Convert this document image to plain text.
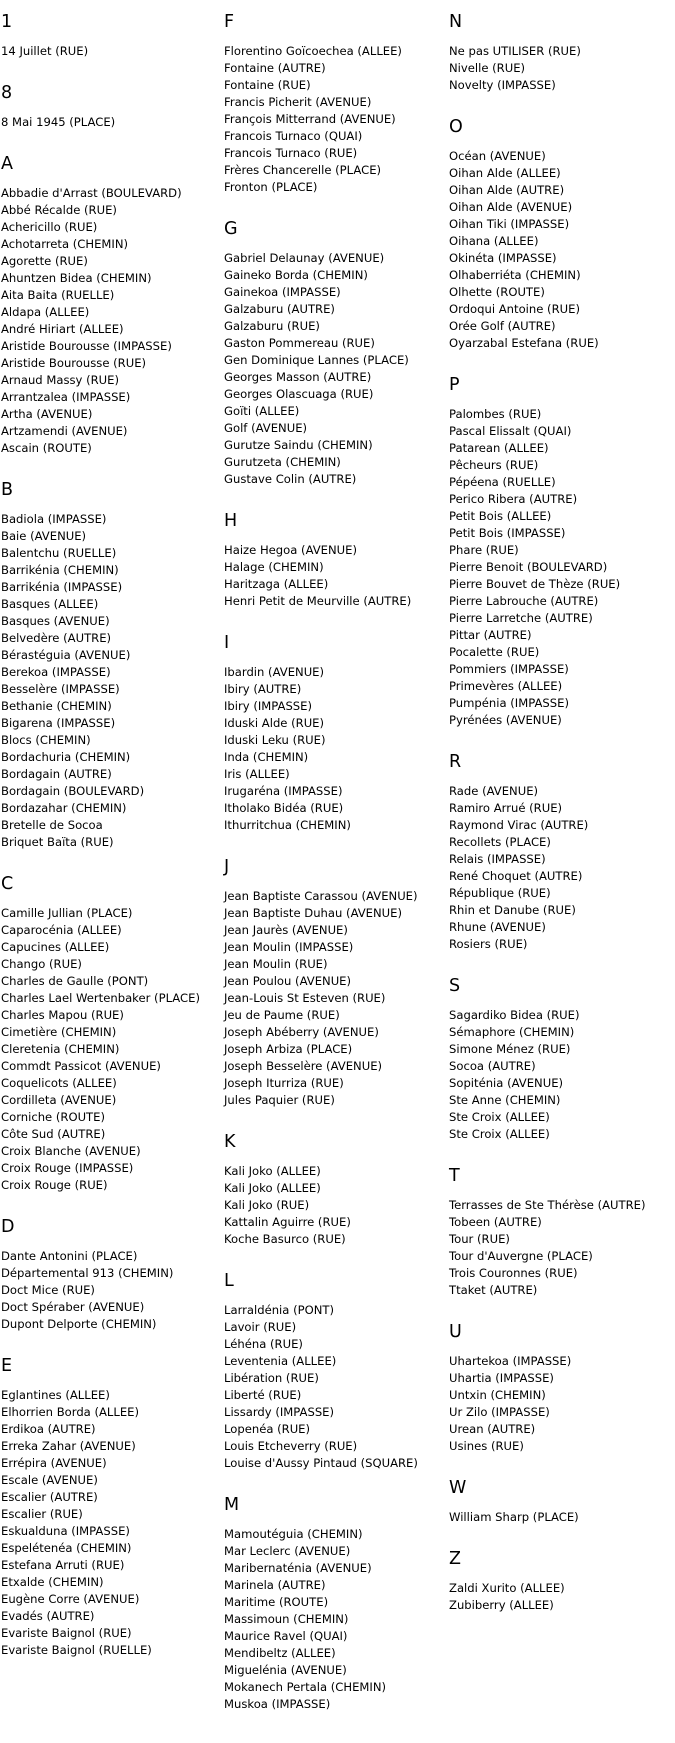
1
14 Juillet (RUE)
8
8 Mai 1945 (PLACE)
A
Abbadie d'Arrast (BOULEVARD)
Abbé Récalde (RUE)
Achericillo (RUE)
Achotarreta (CHEMIN)
Agorette (RUE)
Ahuntzen Bidea (CHEMIN)
Aita Baita (RUELLE)
Aldapa (ALLEE)
André Hiriart (ALLEE)
Aristide Bourousse (IMPASSE)
Aristide Bourousse (RUE)
Arnaud Massy (RUE)
Arrantzalea (IMPASSE)
Artha (AVENUE)
Artzamendi (AVENUE)
Ascain (ROUTE)
B
Badiola (IMPASSE)
Baie (AVENUE)
Balentchu (RUELLE)
Barrikénia (CHEMIN)
Barrikénia (IMPASSE)
Basques (ALLEE)
Basques (AVENUE)
Belvedère (AUTRE)
Bérastéguia (AVENUE)
Berekoa (IMPASSE)
Besselère (IMPASSE)
Bethanie (CHEMIN)
Bigarena (IMPASSE)
Blocs (CHEMIN)
Bordachuria (CHEMIN)
Bordagain (AUTRE)
Bordagain (BOULEVARD)
Bordazahar (CHEMIN)
Bretelle de Socoa
Briquet Baïta (RUE)
C
Camille Jullian (PLACE)
Caparocénia (ALLEE)
Capucines (ALLEE)
Chango (RUE)
Charles de Gaulle (PONT)
Charles Lael Wertenbaker (PLACE)
Charles Mapou (RUE)
Cimetière (CHEMIN)
Cleretenia (CHEMIN)
Commdt Passicot (AVENUE)
Coquelicots (ALLEE)
Cordilleta (AVENUE)
Corniche (ROUTE)
Côte Sud (AUTRE)
Croix Blanche (AVENUE)
Croix Rouge (IMPASSE)
Croix Rouge (RUE)
D
Dante Antonini (PLACE)
Départemental 913 (CHEMIN)
Doct Mice (RUE)
Doct Spéraber (AVENUE)
Dupont Delporte (CHEMIN)
E
Eglantines (ALLEE)
Elhorrien Borda (ALLEE)
Erdikoa (AUTRE)
Erreka Zahar (AVENUE)
Errépira (AVENUE)
Escale (AVENUE)
Escalier (AUTRE)
Escalier (RUE)
Eskualduna (IMPASSE)
Espelétenéa (CHEMIN)
Estefana Arruti (RUE)
Etxalde (CHEMIN)
Eugène Corre (AVENUE)
Evadés (AUTRE)
Evariste Baignol (RUE)
Evariste Baignol (RUELLE)
F
Florentino Goïcoechea (ALLEE)
Fontaine (AUTRE)
Fontaine (RUE)
Francis Picherit (AVENUE)
François Mitterrand (AVENUE)
Francois Turnaco (QUAI)
Francois Turnaco (RUE)
Frères Chancerelle (PLACE)
Fronton (PLACE)
G
Gabriel Delaunay (AVENUE)
Gaineko Borda (CHEMIN)
Gainekoa (IMPASSE)
Galzaburu (AUTRE)
Galzaburu (RUE)
Gaston Pommereau (RUE)
Gen Dominique Lannes (PLACE)
Georges Masson (AUTRE)
Georges Olascuaga (RUE)
Goïti (ALLEE)
Golf (AVENUE)
Gurutze Saindu (CHEMIN)
Gurutzeta (CHEMIN)
Gustave Colin (AUTRE)
H
Haize Hegoa (AVENUE)
Halage (CHEMIN)
Haritzaga (ALLEE)
Henri Petit de Meurville (AUTRE)
I
Ibardin (AVENUE)
Ibiry (AUTRE)
Ibiry (IMPASSE)
Iduski Alde (RUE)
Iduski Leku (RUE)
Inda (CHEMIN)
Iris (ALLEE)
Irugaréna (IMPASSE)
Itholako Bidéa (RUE)
Ithurritchua (CHEMIN)
J
Jean Baptiste Carassou (AVENUE)
Jean Baptiste Duhau (AVENUE)
Jean Jaurès (AVENUE)
Jean Moulin (IMPASSE)
Jean Moulin (RUE)
Jean Poulou (AVENUE)
Jean-Louis St Esteven (RUE)
Jeu de Paume (RUE)
Joseph Abéberry (AVENUE)
Joseph Arbiza (PLACE)
Joseph Besselère (AVENUE)
Joseph Iturriza (RUE)
Jules Paquier (RUE)
K
Kali Joko (ALLEE)
Kali Joko (ALLEE)
Kali Joko (RUE)
Kattalin Aguirre (RUE)
Koche Basurco (RUE)
L
Larraldénia (PONT)
Lavoir (RUE)
Léhéna (RUE)
Leventenia (ALLEE)
Libération (RUE)
Liberté (RUE)
Lissardy (IMPASSE)
Lopenéa (RUE)
Louis Etcheverry (RUE)
Louise d'Aussy Pintaud (SQUARE)
M
Mamoutéguia (CHEMIN)
Mar Leclerc (AVENUE)
Maribernaténia (AVENUE)
Marinela (AUTRE)
Maritime (ROUTE)
Massimoun (CHEMIN)
Maurice Ravel (QUAI)
Mendibeltz (ALLEE)
Miguelénia (AVENUE)
Mokanech Pertala (CHEMIN)
Muskoa (IMPASSE)
N
Ne pas UTILISER (RUE)
Nivelle (RUE)
Novelty (IMPASSE)
O
Océan (AVENUE)
Oihan Alde (ALLEE)
Oihan Alde (AUTRE)
Oihan Alde (AVENUE)
Oihan Tiki (IMPASSE)
Oihana (ALLEE)
Okinéta (IMPASSE)
Olhaberriéta (CHEMIN)
Olhette (ROUTE)
Ordoqui Antoine (RUE)
Orée Golf (AUTRE)
Oyarzabal Estefana (RUE)
P
Palombes (RUE)
Pascal Elissalt (QUAI)
Patarean (ALLEE)
Pêcheurs (RUE)
Pépéena (RUELLE)
Perico Ribera (AUTRE)
Petit Bois (ALLEE)
Petit Bois (IMPASSE)
Phare (RUE)
Pierre Benoit (BOULEVARD)
Pierre Bouvet de Thèze (RUE)
Pierre Labrouche (AUTRE)
Pierre Larretche (AUTRE)
Pittar (AUTRE)
Pocalette (RUE)
Pommiers (IMPASSE)
Primevères (ALLEE)
Pumpénia (IMPASSE)
Pyrénées (AVENUE)
R
Rade (AVENUE)
Ramiro Arrué (RUE)
Raymond Virac (AUTRE)
Recollets (PLACE)
Relais (IMPASSE)
René Choquet (AUTRE)
République (RUE)
Rhin et Danube (RUE)
Rhune (AVENUE)
Rosiers (RUE)
S
Sagardiko Bidea (RUE)
Sémaphore (CHEMIN)
Simone Ménez (RUE)
Socoa (AUTRE)
Sopiténia (AVENUE)
Ste Anne (CHEMIN)
Ste Croix (ALLEE)
Ste Croix (ALLEE)
T
Terrasses de Ste Thérèse (AUTRE)
Tobeen (AUTRE)
Tour (RUE)
Tour d'Auvergne (PLACE)
Trois Couronnes (RUE)
Ttaket (AUTRE)
U
Uhartekoa (IMPASSE)
Uhartia (IMPASSE)
Untxin (CHEMIN)
Ur Zilo (IMPASSE)
Urean (AUTRE)
Usines (RUE)
W
William Sharp (PLACE)
Z
Zaldi Xurito (ALLEE)
Zubiberry (ALLEE)
